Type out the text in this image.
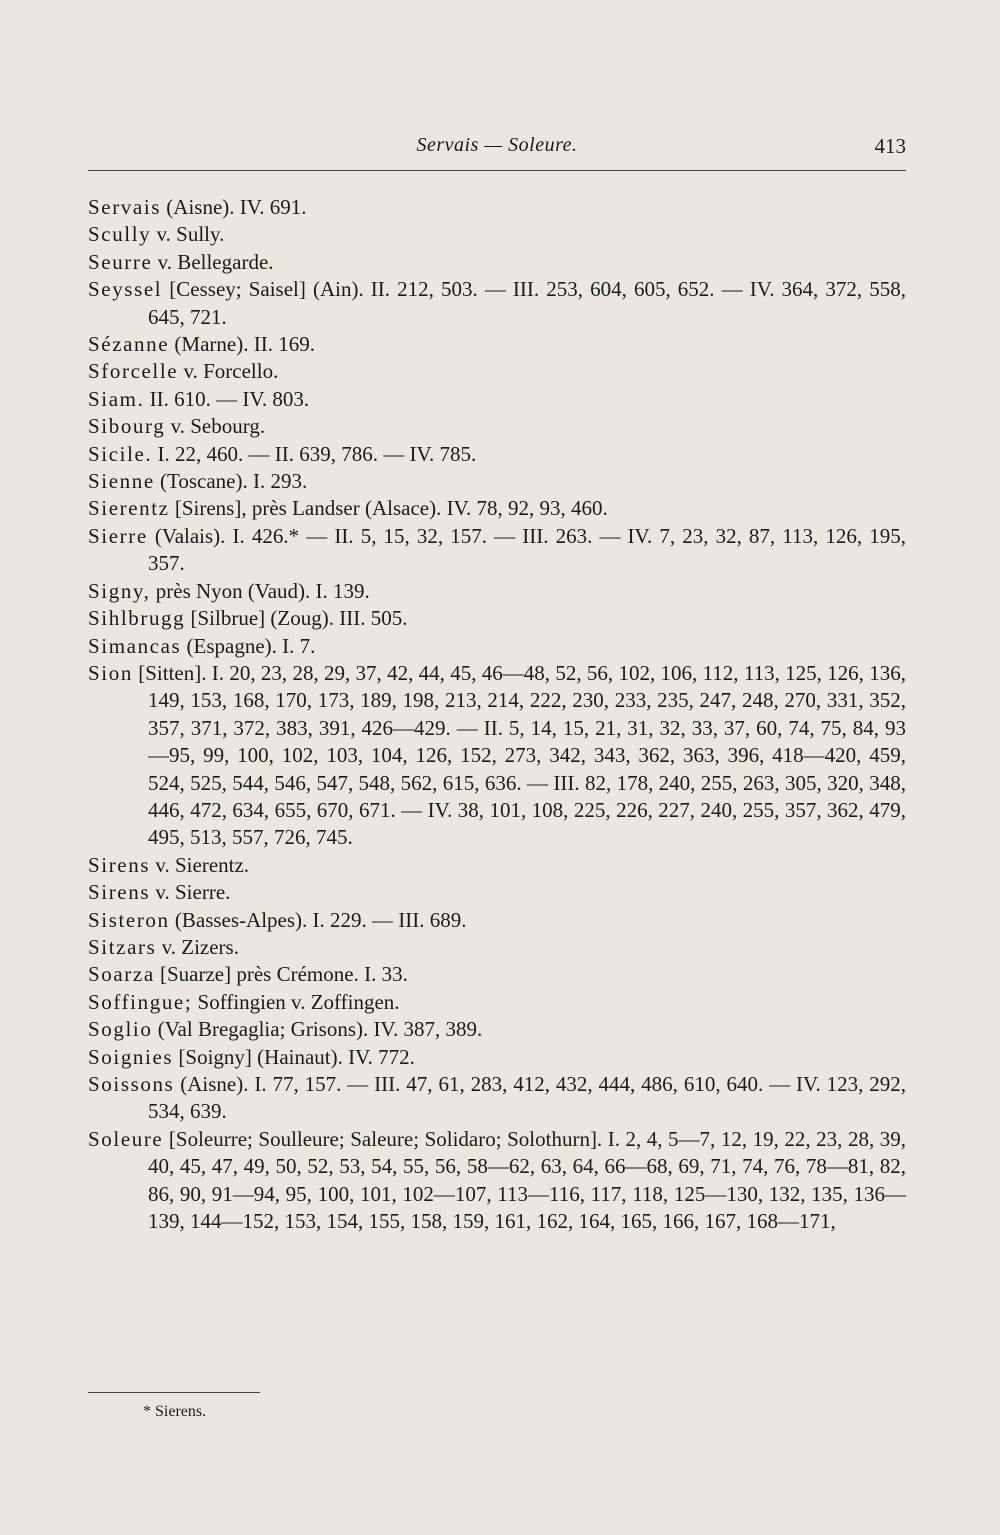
Servais — Soleure.	413

Servais (Aisne). IV. 691.

Scully v. Sully.

Seurre v. Bellegarde.

Seyssel [Cessey; Saisel] (Ain). II. 212, 503. — III. 253, 604, 605, 652. — IV. 364, 372, 558, 645, 721.

Sézanne (Marne). II. 169.

Sforcelle v. Forcello.

Siam. II. 610. — IV. 803.

Sibourg v. Sebourg.

Sicile. I. 22, 460. — II. 639, 786. — IV. 785.

Sienne (Toscane). I. 293.

Sierentz [Sirens], près Landser (Alsace). IV. 78, 92, 93, 460.

Sierre (Valais). I. 426.* — II. 5, 15, 32, 157. — III. 263. — IV. 7, 23, 32, 87, 113, 126, 195, 357.

Signy, près Nyon (Vaud). I. 139.

Sihlbrugg [Silbrue] (Zoug). III. 505.

Simancas (Espagne). I. 7.

Sion [Sitten]. I. 20, 23, 28, 29, 37, 42, 44, 45, 46—48, 52, 56, 102, 106, 112, 113, 125, 126, 136, 149, 153, 168, 170, 173, 189, 198, 213, 214, 222, 230, 233, 235, 247, 248, 270, 331, 352, 357, 371, 372, 383, 391, 426—429. — II. 5, 14, 15, 21, 31, 32, 33, 37, 60, 74, 75, 84, 93—95, 99, 100, 102, 103, 104, 126, 152, 273, 342, 343, 362, 363, 396, 418—420, 459, 524, 525, 544, 546, 547, 548, 562, 615, 636. — III. 82, 178, 240, 255, 263, 305, 320, 348, 446, 472, 634, 655, 670, 671. — IV. 38, 101, 108, 225, 226, 227, 240, 255, 357, 362, 479, 495, 513, 557, 726, 745.

Sirens v. Sierentz.

Sirens v. Sierre.

Sisteron (Basses-Alpes). I. 229. — III. 689.

Sitzars v. Zizers.

Soarza [Suarze] près Crémone. I. 33.

Soffingue; Soffingien v. Zoffingen.

Soglio (Val Bregaglia; Grisons). IV. 387, 389.

Soignies [Soigny] (Hainaut). IV. 772.

Soissons (Aisne). I. 77, 157. — III. 47, 61, 283, 412, 432, 444, 486, 610, 640. — IV. 123, 292, 534, 639.

Soleure [Soleurre; Soulleure; Saleure; Solidaro; Solothurn]. I. 2, 4, 5—7, 12, 19, 22, 23, 28, 39, 40, 45, 47, 49, 50, 52, 53, 54, 55, 56, 58—62, 63, 64, 66—68, 69, 71, 74, 76, 78—81, 82, 86, 90, 91—94, 95, 100, 101, 102—107, 113—116, 117, 118, 125—130, 132, 135, 136—139, 144—152, 153, 154, 155, 158, 159, 161, 162, 164, 165, 166, 167, 168—171,

* Sierens.
